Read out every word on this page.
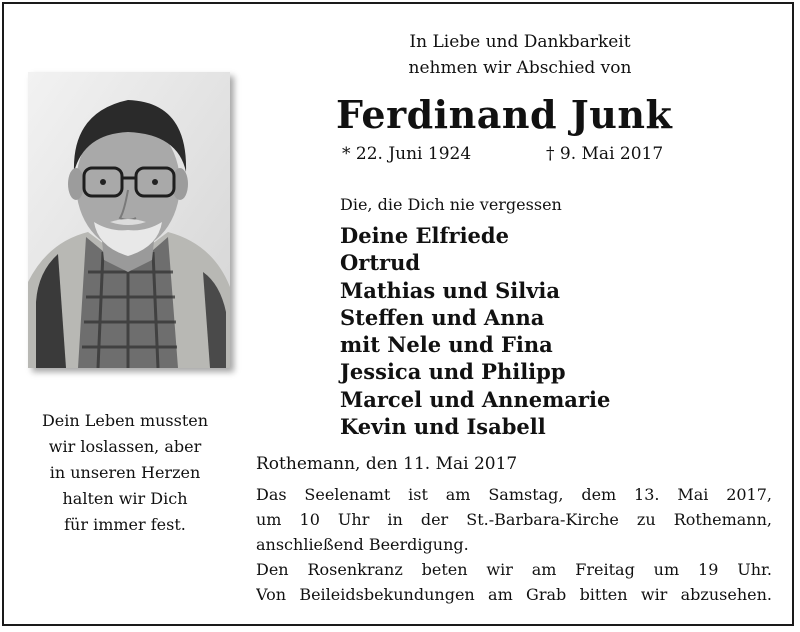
In Liebe und Dankbarkeit
nehmen wir Abschied von
Ferdinand Junk
* 22. Juni 1924	† 9. Mai 2017
Die, die Dich nie vergessen
Deine Elfriede
Ortrud
Mathias und Silvia
Steffen und Anna
mit Nele und Fina
Jessica und Philipp
Marcel und Annemarie
Kevin und Isabell
Dein Leben mussten
wir loslassen, aber
in unseren Herzen
halten wir Dich
für immer fest.
Rothemann, den 11. Mai 2017
Das Seelenamt ist am Samstag, dem 13. Mai 2017,
um 10 Uhr in der St.-Barbara-Kirche zu Rothemann,
anschließend Beerdigung.
Den Rosenkranz beten wir am Freitag um 19 Uhr.
Von Beileidsbekundungen am Grab bitten wir abzusehen.
